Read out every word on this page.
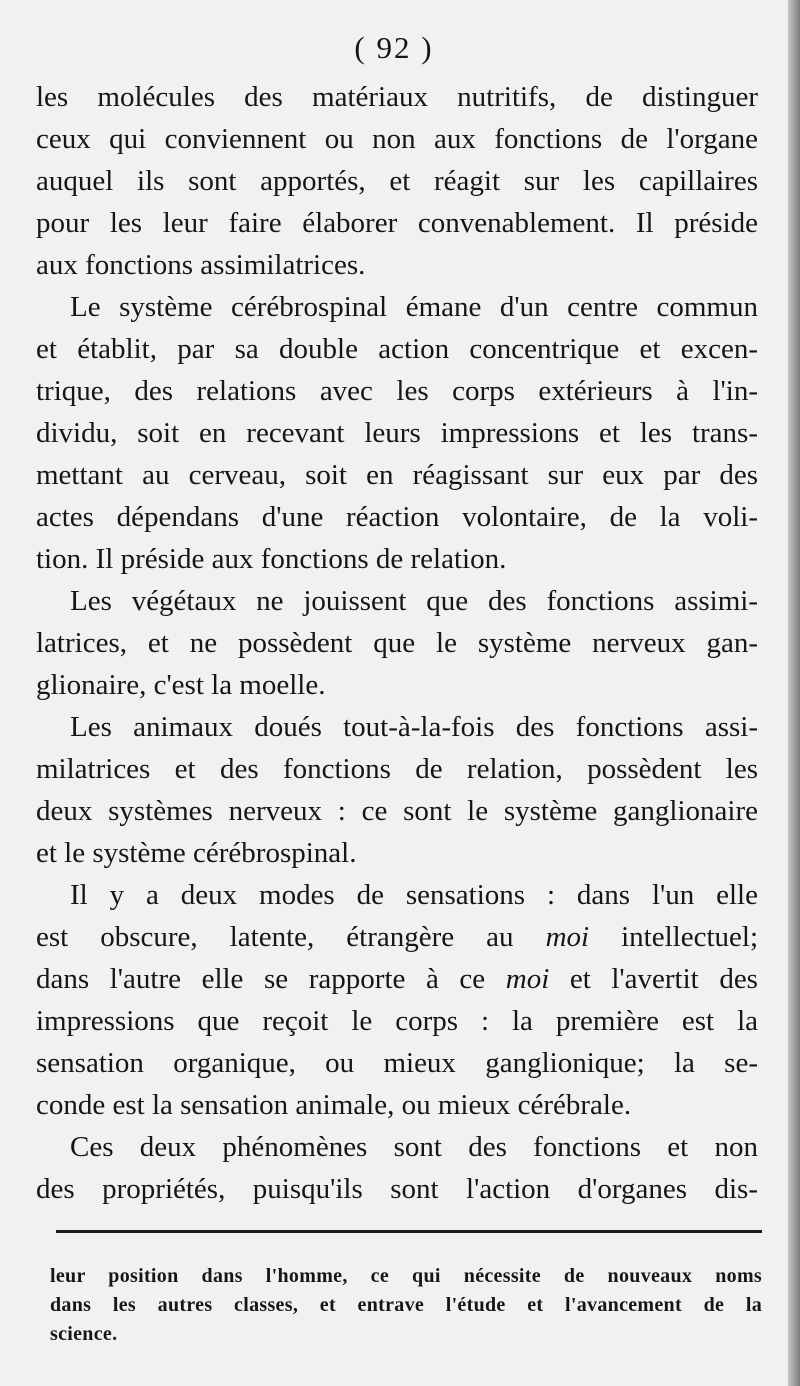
( 92 )
les molécules des matériaux nutritifs, de distinguer
ceux qui conviennent ou non aux fonctions de l'organe
auquel ils sont apportés, et réagit sur les capillaires
pour les leur faire élaborer convenablement. Il préside
aux fonctions assimilatrices.
Le système cérébrospinal émane d'un centre commun
et établit, par sa double action concentrique et excen-
trique, des relations avec les corps extérieurs à l'in-
dividu, soit en recevant leurs impressions et les trans-
mettant au cerveau, soit en réagissant sur eux par des
actes dépendans d'une réaction volontaire, de la voli-
tion. Il préside aux fonctions de relation.
Les végétaux ne jouissent que des fonctions assimi-
latrices, et ne possèdent que le système nerveux gan-
glionaire, c'est la moelle.
Les animaux doués tout-à-la-fois des fonctions assi-
milatrices et des fonctions de relation, possèdent les
deux systèmes nerveux : ce sont le système ganglionaire
et le système cérébrospinal.
Il y a deux modes de sensations : dans l'un elle
est obscure, latente, étrangère au moi intellectuel;
dans l'autre elle se rapporte à ce moi et l'avertit des
impressions que reçoit le corps : la première est la
sensation organique, ou mieux ganglionique; la se-
conde est la sensation animale, ou mieux cérébrale.
Ces deux phénomènes sont des fonctions et non
des propriétés, puisqu'ils sont l'action d'organes dis-
leur position dans l'homme, ce qui nécessite de nouveaux noms
dans les autres classes, et entrave l'étude et l'avancement de la
science.
